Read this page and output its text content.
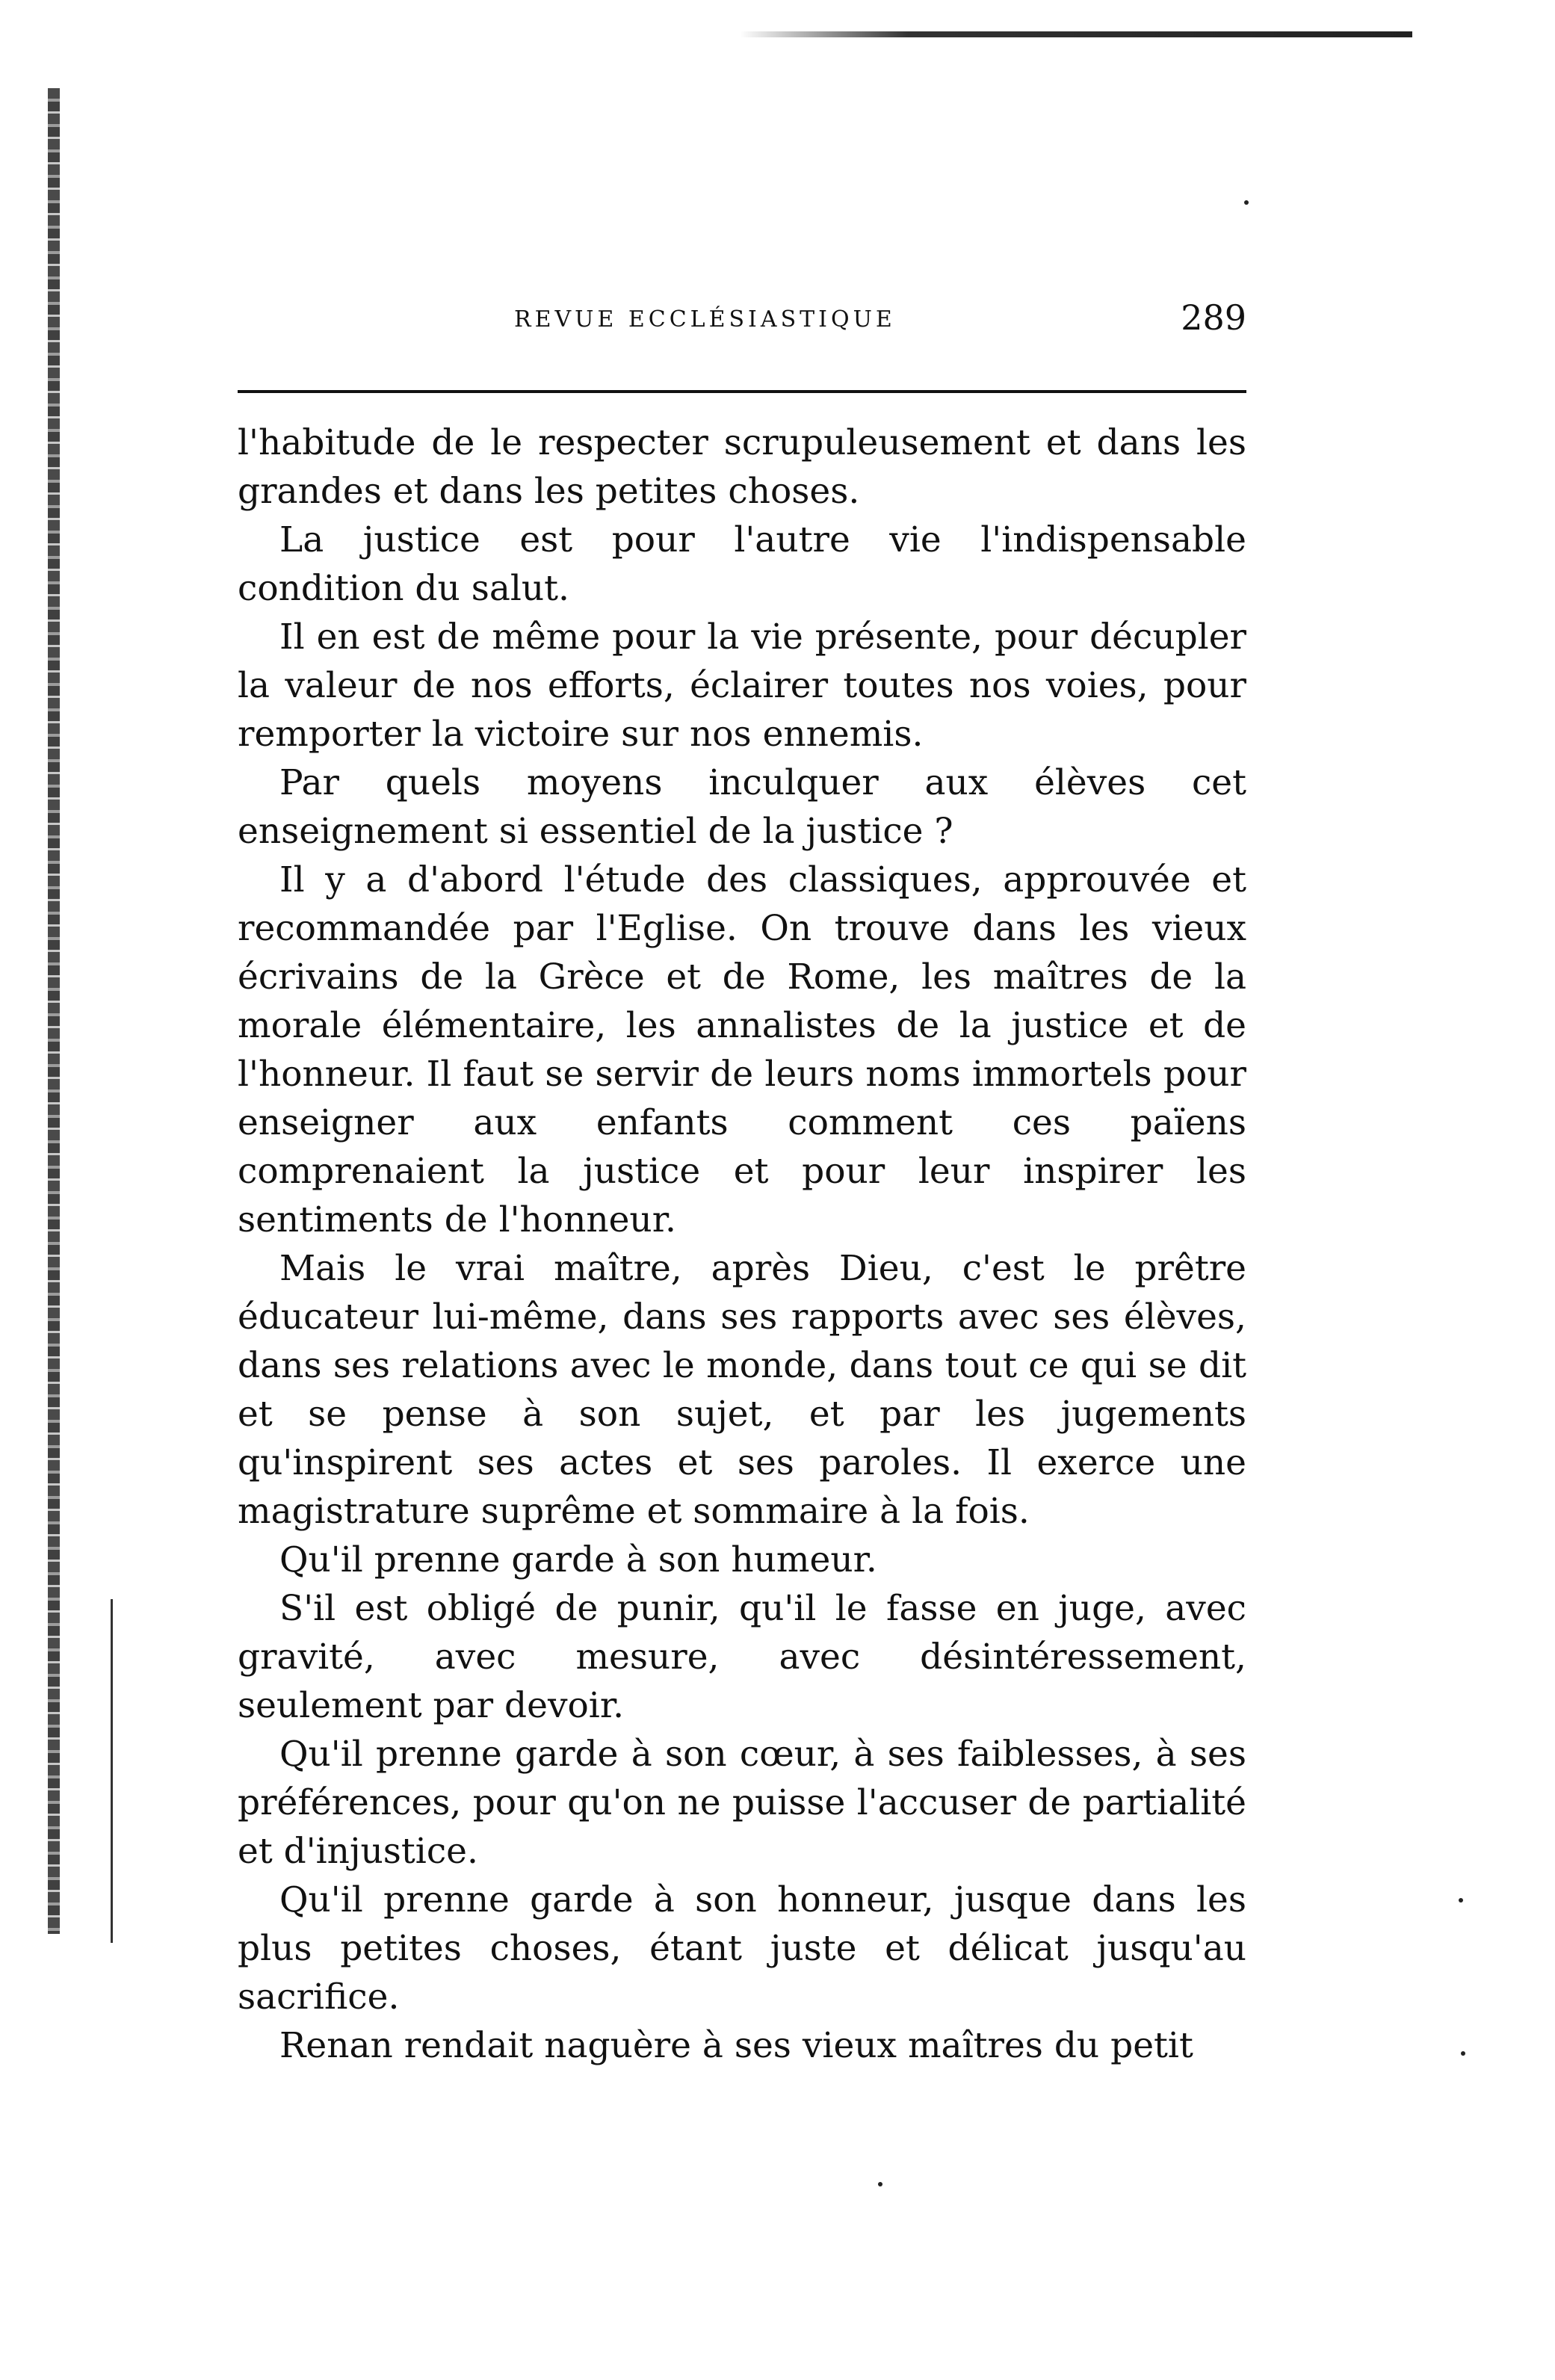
REVUE ECCLÉSIASTIQUE	289

l'habitude de le respecter scrupuleusement et dans les grandes et dans les petites choses.

La justice est pour l'autre vie l'indispensable condition du salut.

Il en est de même pour la vie présente, pour décupler la valeur de nos efforts, éclairer toutes nos voies, pour remporter la victoire sur nos ennemis.

Par quels moyens inculquer aux élèves cet enseignement si essentiel de la justice ?

Il y a d'abord l'étude des classiques, approuvée et recommandée par l'Eglise. On trouve dans les vieux écrivains de la Grèce et de Rome, les maîtres de la morale élémentaire, les annalistes de la justice et de l'honneur. Il faut se servir de leurs noms immortels pour enseigner aux enfants comment ces païens comprenaient la justice et pour leur inspirer les sentiments de l'honneur.

Mais le vrai maître, après Dieu, c'est le prêtre éducateur lui-même, dans ses rapports avec ses élèves, dans ses relations avec le monde, dans tout ce qui se dit et se pense à son sujet, et par les jugements qu'inspirent ses actes et ses paroles. Il exerce une magistrature suprême et sommaire à la fois.

Qu'il prenne garde à son humeur.

S'il est obligé de punir, qu'il le fasse en juge, avec gravité, avec mesure, avec désintéressement, seulement par devoir.

Qu'il prenne garde à son cœur, à ses faiblesses, à ses préférences, pour qu'on ne puisse l'accuser de partialité et d'injustice.

Qu'il prenne garde à son honneur, jusque dans les plus petites choses, étant juste et délicat jusqu'au sacrifice.

Renan rendait naguère à ses vieux maîtres du petit
